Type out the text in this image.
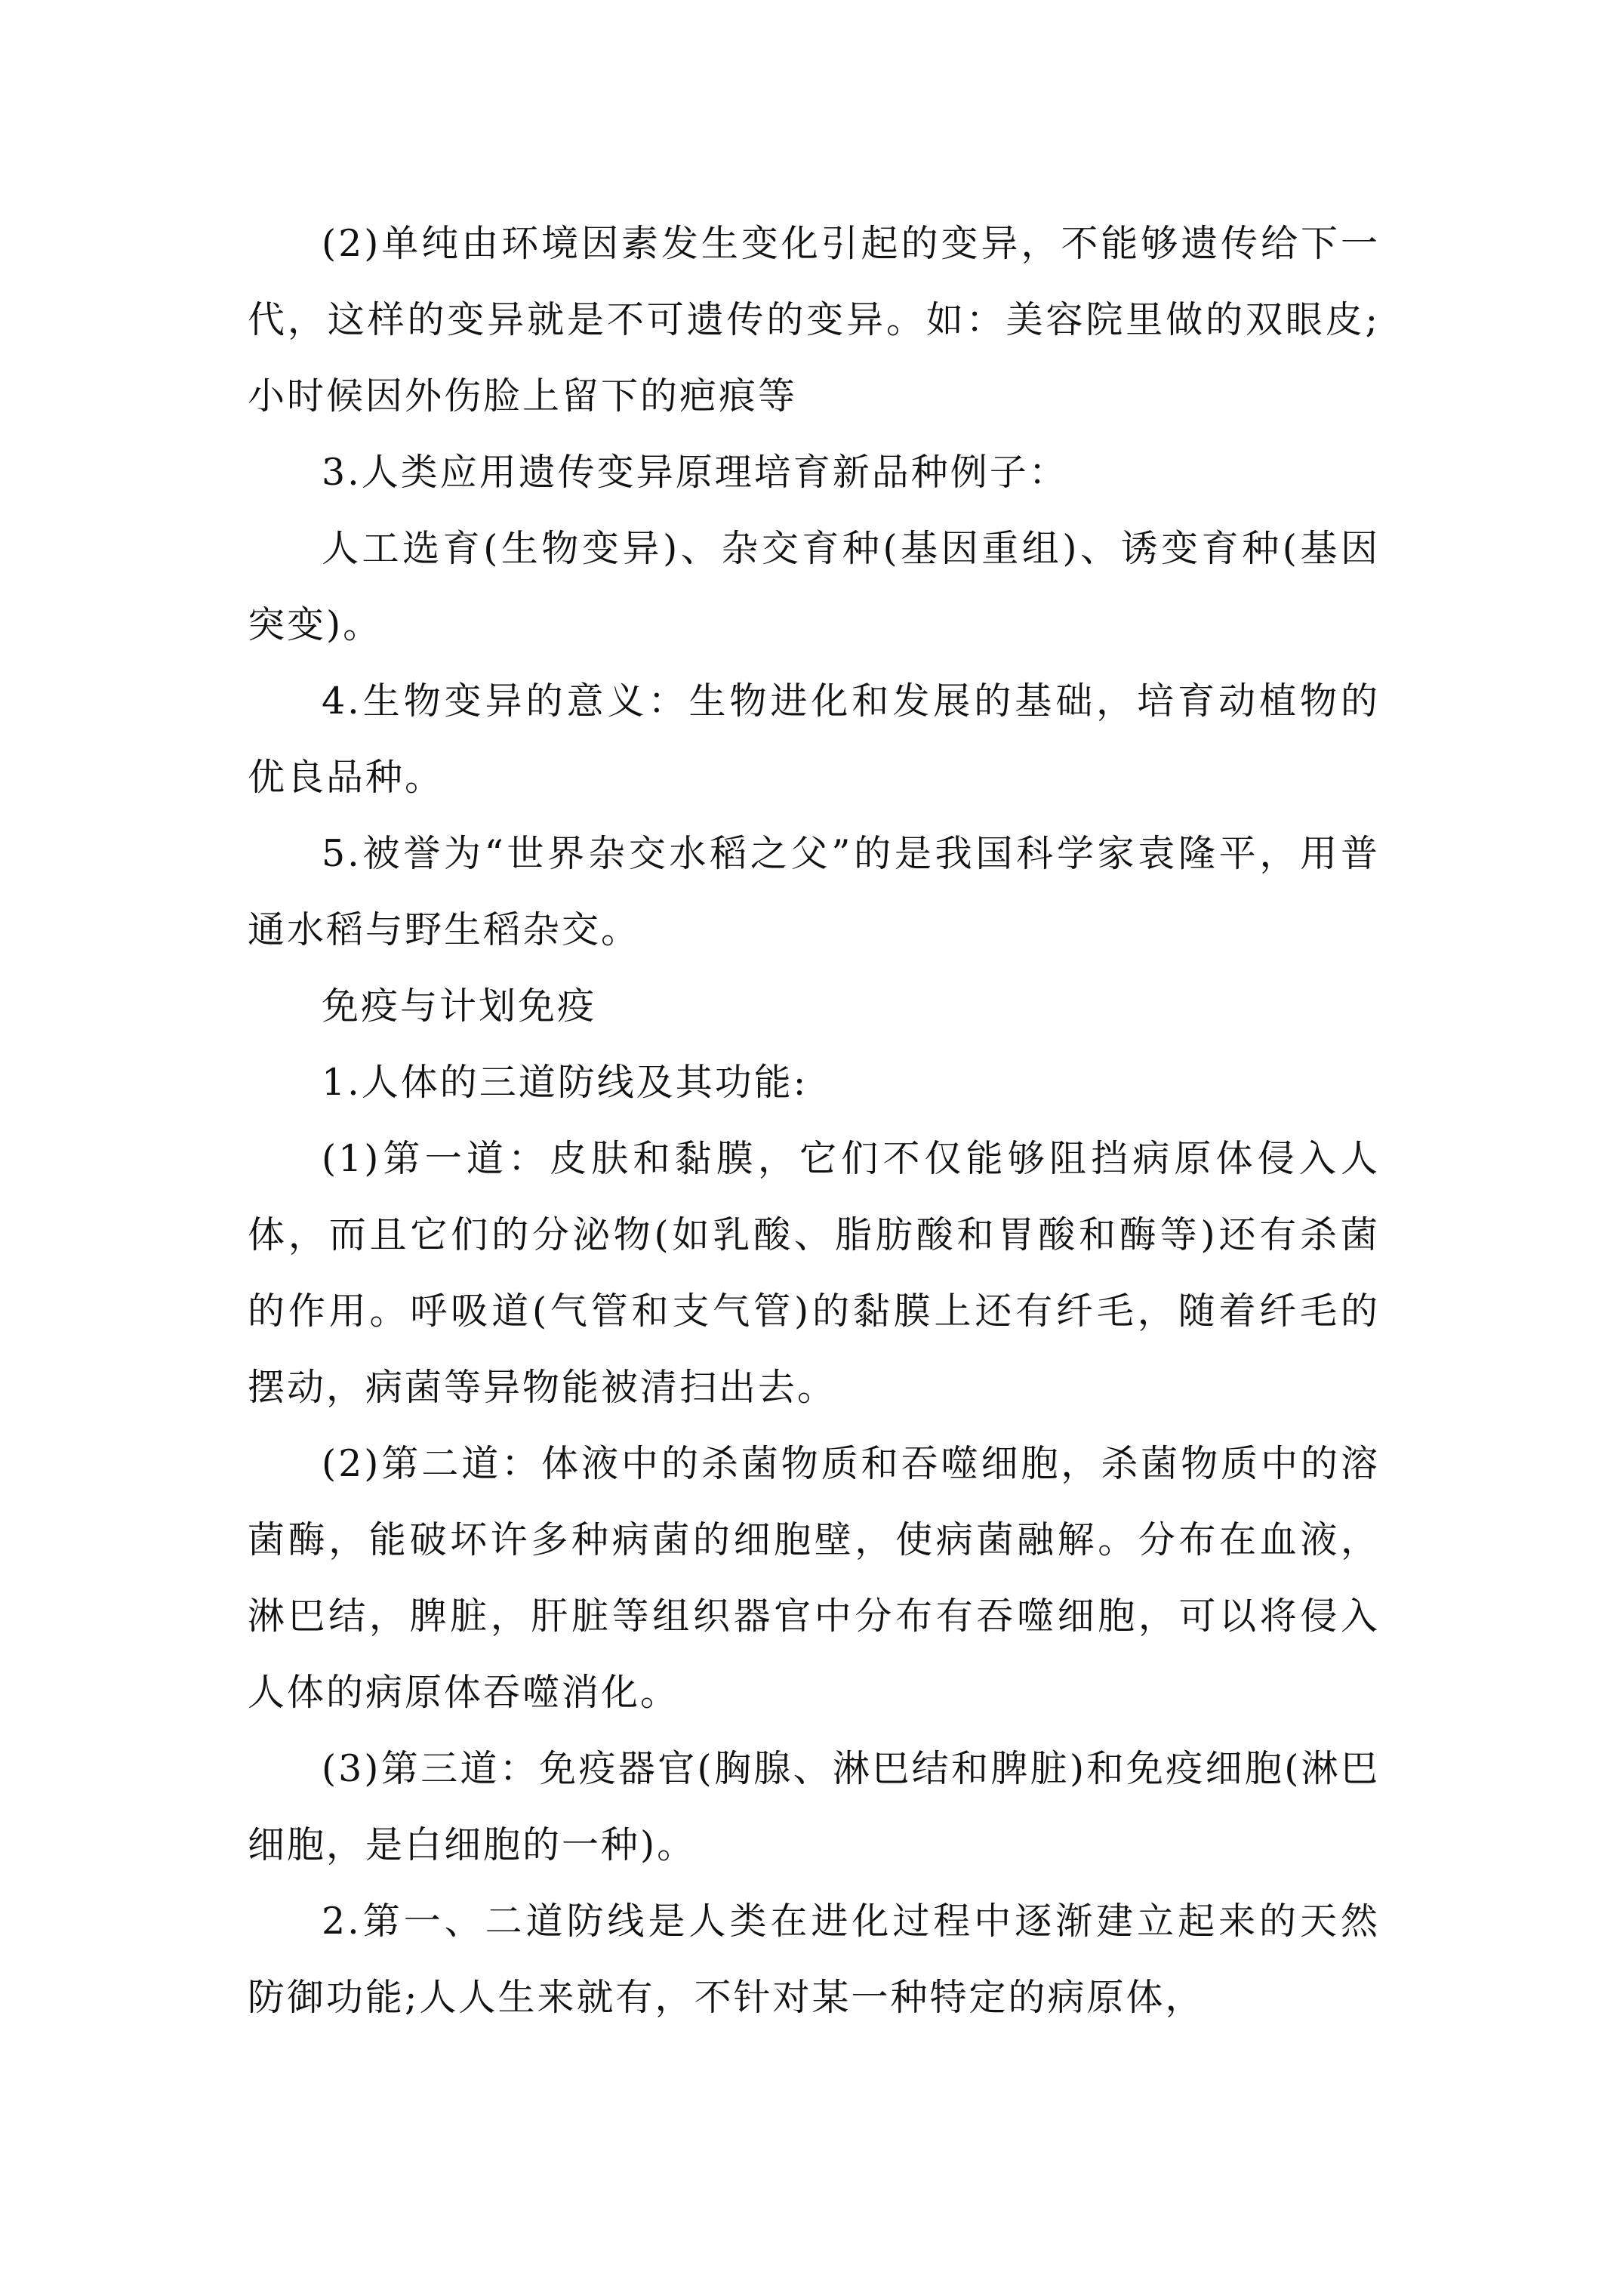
(2)单纯由环境因素发生变化引起的变异，不能够遗传给下一代，这样的变异就是不可遗传的变异。如：美容院里做的双眼皮;小时候因外伤脸上留下的疤痕等

3.人类应用遗传变异原理培育新品种例子：

人工选育(生物变异)、杂交育种(基因重组)、诱变育种(基因突变)。

4.生物变异的意义：生物进化和发展的基础，培育动植物的优良品种。

5.被誉为“世界杂交水稻之父”的是我国科学家袁隆平，用普通水稻与野生稻杂交。

免疫与计划免疫

1.人体的三道防线及其功能:

(1)第一道：皮肤和黏膜，它们不仅能够阻挡病原体侵入人体，而且它们的分泌物(如乳酸、脂肪酸和胃酸和酶等)还有杀菌的作用。呼吸道(气管和支气管)的黏膜上还有纤毛，随着纤毛的摆动，病菌等异物能被清扫出去。

(2)第二道：体液中的杀菌物质和吞噬细胞，杀菌物质中的溶菌酶，能破坏许多种病菌的细胞壁，使病菌融解。分布在血液，淋巴结，脾脏，肝脏等组织器官中分布有吞噬细胞，可以将侵入人体的病原体吞噬消化。

(3)第三道：免疫器官(胸腺、淋巴结和脾脏)和免疫细胞(淋巴细胞，是白细胞的一种)。

2.第一、二道防线是人类在进化过程中逐渐建立起来的天然防御功能;人人生来就有，不针对某一种特定的病原体，
